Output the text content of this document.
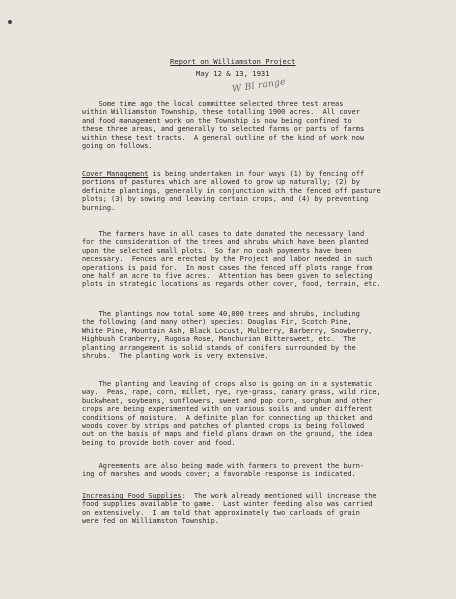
Report on Williamston Project
May 12 & 13, 1931
W Bl range
Some time ago the local committee selected three test areas
within Williamston Township, these totalling 1900 acres.  All cover
and food management work on the Township is now being confined to
these three areas, and generally to selected farms or parts of farms
within these test tracts.  A general outline of the kind of work now
going on follows.
Cover Management is being undertaken in four ways (1) by fencing off
portions of pastures which are allowed to grow up naturally; (2) by
definite plantings, generally in conjunction with the fenced off pasture
plots; (3) by sowing and leaving certain crops, and (4) by preventing
burning.
The farmers have in all cases to date donated the necessary land
for the consideration of the trees and shrubs which have been planted
upon the selected small plots.  So far no cash payments have been
necessary.  Fences are erected by the Project and labor needed in such
operations is paid for.  In most cases the fenced off plots range from
one half an acre to five acres.  Attention has been given to selecting
plots in strategic locations as regards other cover, food, terrain, etc.
The plantings now total some 40,000 trees and shrubs, including
the following (and many other) species: Douglas Fir, Scotch Pine,
White Pine, Mountain Ash, Black Locust, Mulberry, Barberry, Snowberry,
Highbush Cranberry, Rugosa Rose, Manchurian Bittersweet, etc.  The
planting arrangement is solid stands of conifers surrounded by the
shrubs.  The planting work is very extensive.
The planting and leaving of crops also is going on in a systematic
way.  Peas, rape, corn, millet, rye, rye-grass, canary grass, wild rice,
buckwheat, soybeans, sunflowers, sweet and pop corn, sorghum and other
crops are being experimented with on various soils and under different
conditions of moisture.  A definite plan for connecting up thicket and
woods cover by strips and patches of planted crops is being followed
out on the basis of maps and field plans drawn on the ground, the idea
being to provide both cover and food.
Agreements are also being made with farmers to prevent the burn-
ing of marshes and woods cover; a favorable response is indicated.
Increasing Food Supplies:  The work already mentioned will increase the
food supplies available to game.  Last winter feeding also was carried
on extensively.  I am told that approximately two carloads of grain
were fed on Williamston Township.
